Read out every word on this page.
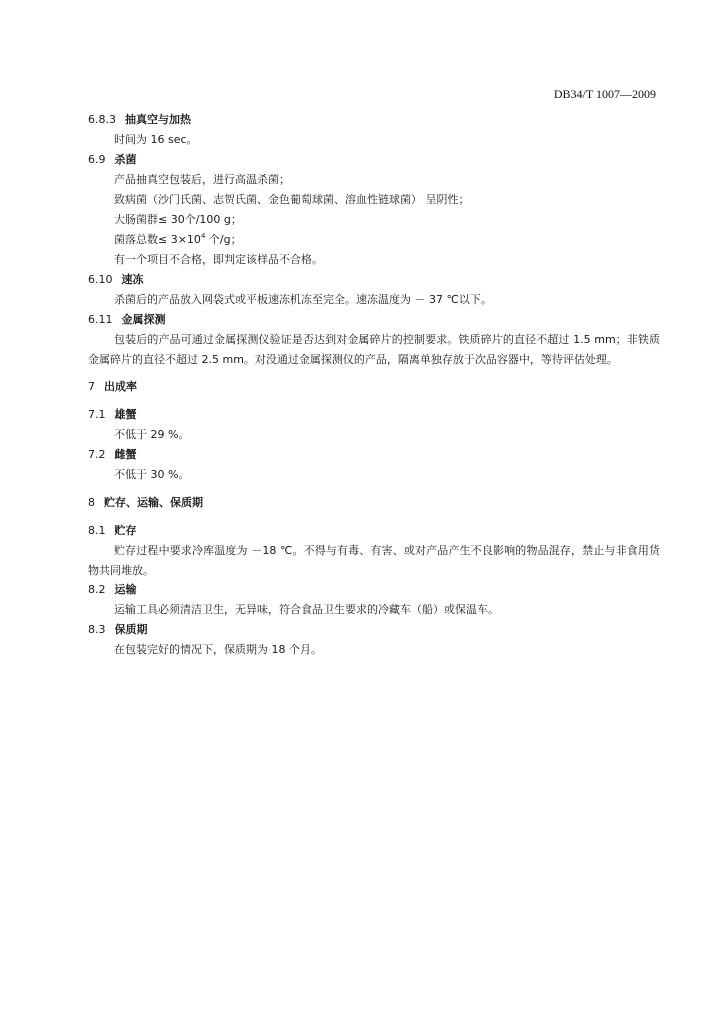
DB34/T 1007—2009
6.8.3 抽真空与加热
时间为 16 sec。
6.9 杀菌
产品抽真空包装后，进行高温杀菌；
致病菌（沙门氏菌、志贺氏菌、金色葡萄球菌、溶血性链球菌） 呈阴性；
大肠菌群≤ 30个/100 g；
菌落总数≤ $3\times 10^4$ 个/g；
有一个项目不合格，即判定该样品不合格。
6.10 速冻
杀菌后的产品放入网袋式或平板速冻机冻至完全。速冻温度为 － 37 ℃以下。
6.11 金属探测
包装后的产品可通过金属探测仪验证是否达到对金属碎片的控制要求。铁质碎片的直径不超过 1.5 mm；非铁质金属碎片的直径不超过 2.5 mm。对没通过金属探测仪的产品，隔离单独存放于次品容器中，等待评估处理。
7 出成率
7.1 雄蟹
不低于 29 %。
7.2 雌蟹
不低于 30 %。
8 贮存、运输、保质期
8.1 贮存
贮存过程中要求冷库温度为 －18 ℃。不得与有毒、有害、或对产品产生不良影响的物品混存，禁止与非食用货物共同堆放。
8.2 运输
运输工具必须清洁卫生，无异味，符合食品卫生要求的冷藏车（船）或保温车。
8.3 保质期
在包装完好的情况下，保质期为 18 个月。
